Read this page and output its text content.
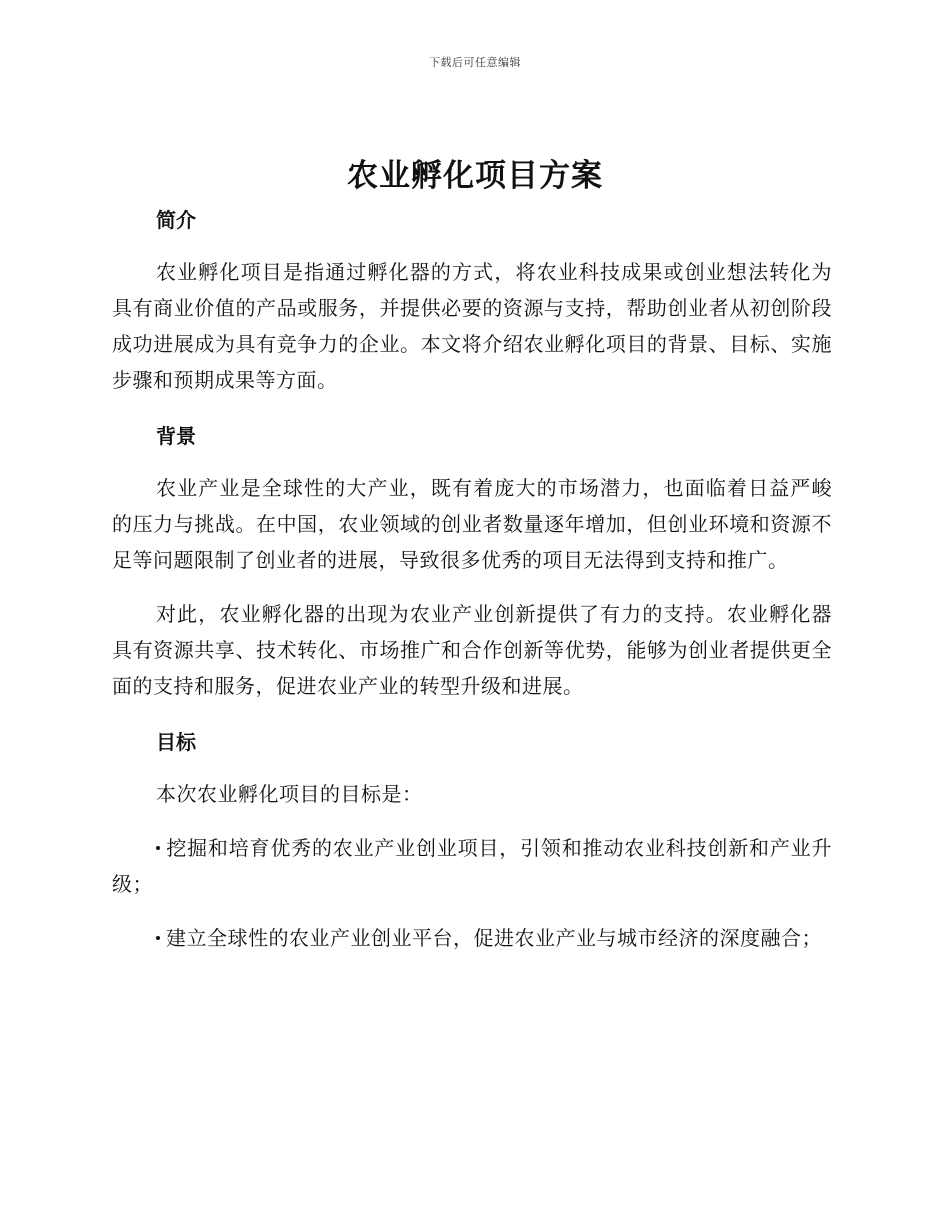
下载后可任意编辑
农业孵化项目方案
简介

农业孵化项目是指通过孵化器的方式，将农业科技成果或创业想法转化为具有商业价值的产品或服务，并提供必要的资源与支持，帮助创业者从初创阶段成功进展成为具有竞争力的企业。本文将介绍农业孵化项目的背景、目标、实施步骤和预期成果等方面。

背景

农业产业是全球性的大产业，既有着庞大的市场潜力，也面临着日益严峻的压力与挑战。在中国，农业领域的创业者数量逐年增加，但创业环境和资源不足等问题限制了创业者的进展，导致很多优秀的项目无法得到支持和推广。

对此，农业孵化器的出现为农业产业创新提供了有力的支持。农业孵化器具有资源共享、技术转化、市场推广和合作创新等优势，能够为创业者提供更全面的支持和服务，促进农业产业的转型升级和进展。

目标

本次农业孵化项目的目标是：

挖掘和培育优秀的农业产业创业项目，引领和推动农业科技创新和产业升级；

建立全球性的农业产业创业平台，促进农业产业与城市经济的深度融合；
